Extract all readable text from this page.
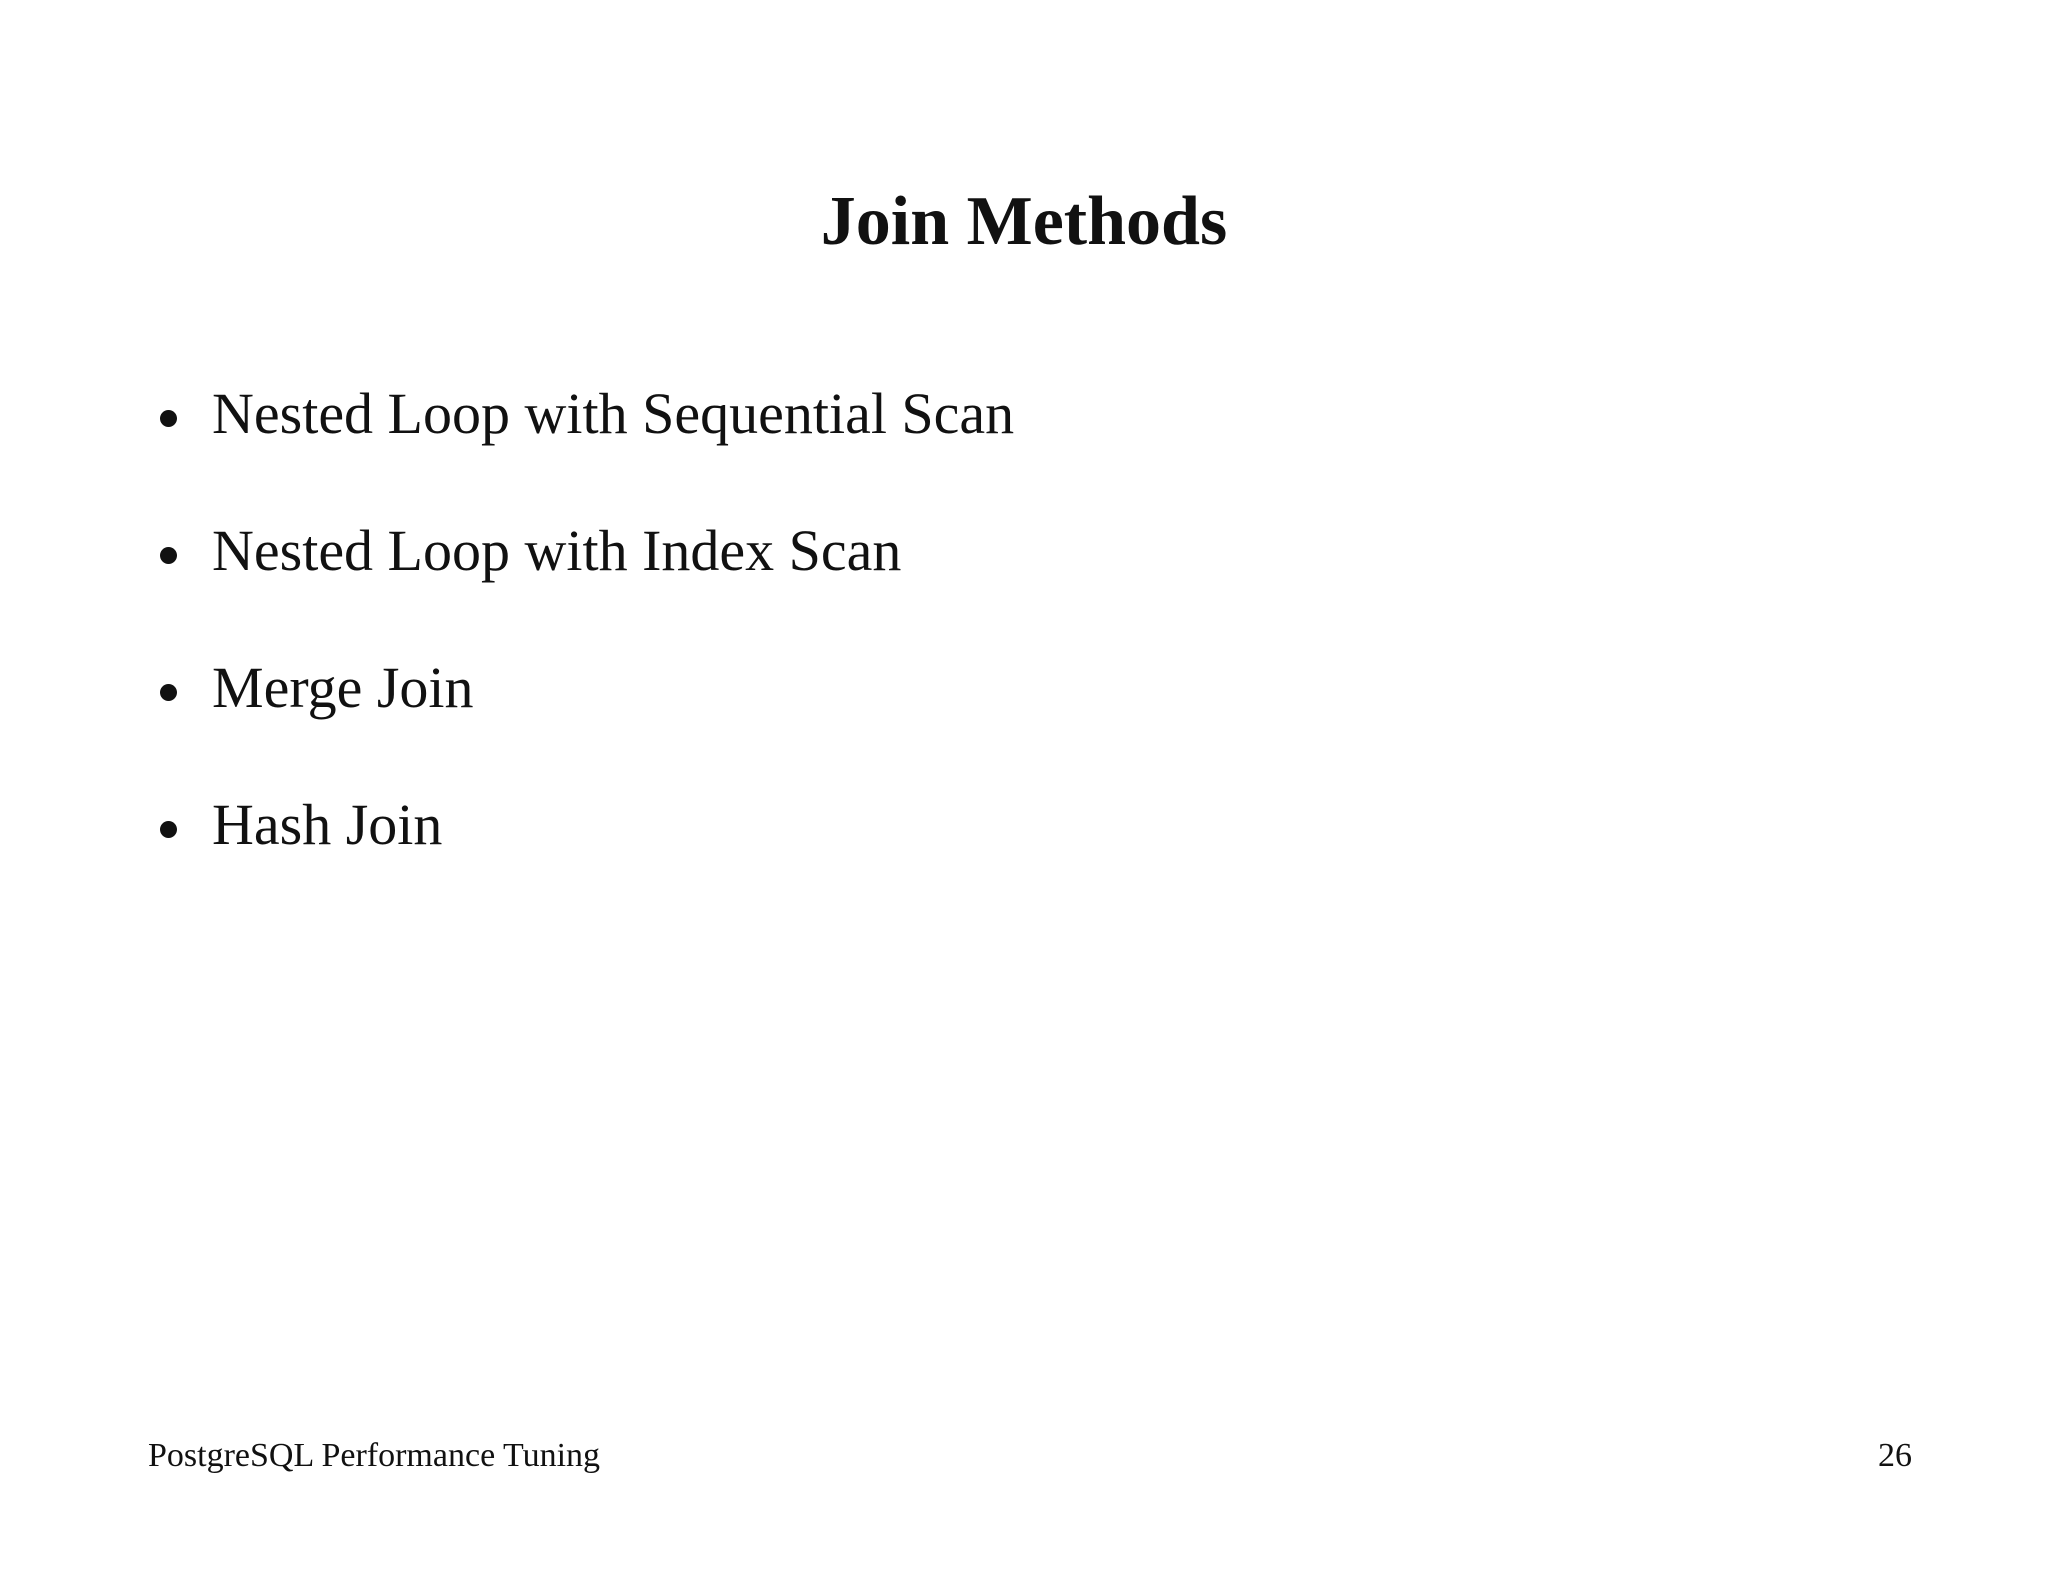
Join Methods
Nested Loop with Sequential Scan
Nested Loop with Index Scan
Merge Join
Hash Join
PostgreSQL Performance Tuning	26
